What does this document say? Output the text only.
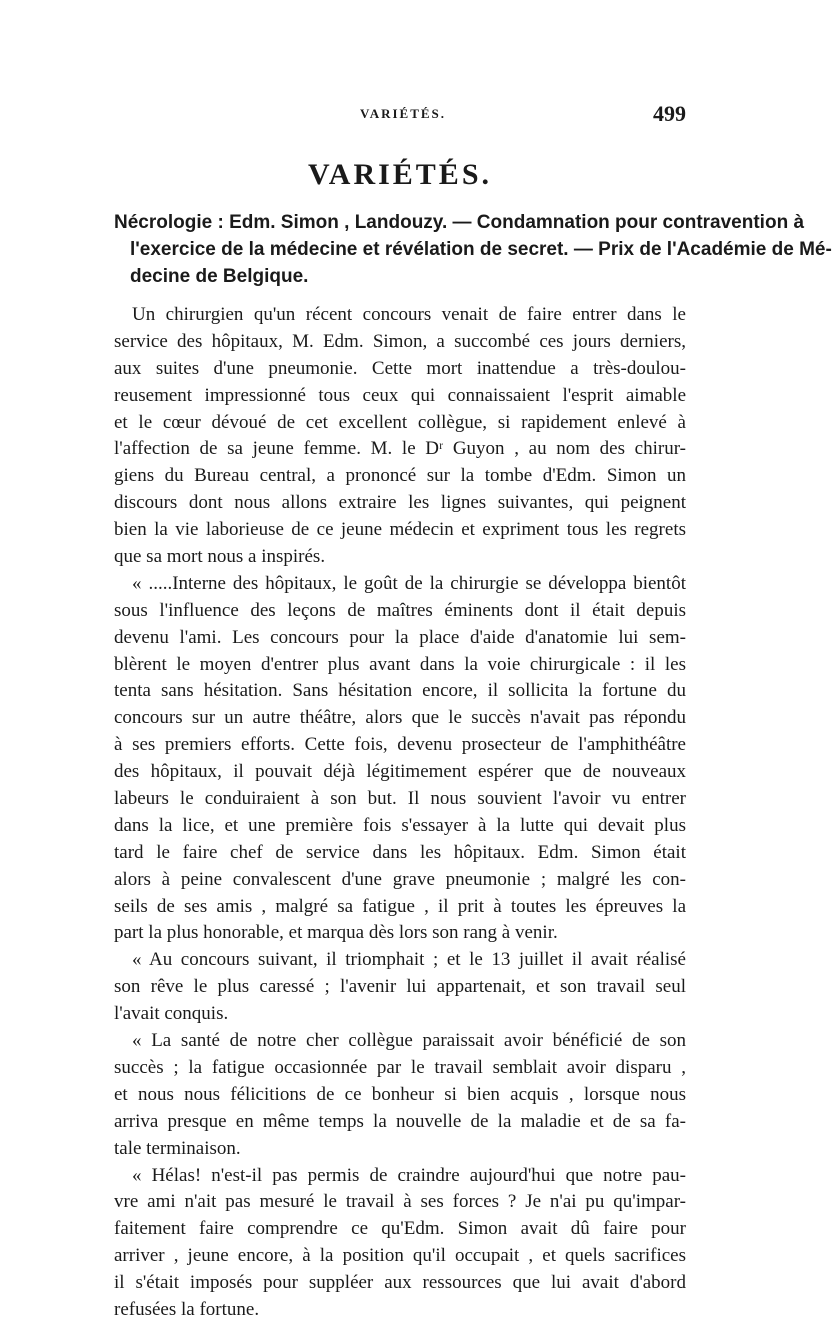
VARIÉTÉS.	499
VARIÉTÉS.
Nécrologie : Edm. Simon , Landouzy. — Condamnation pour contravention à
l'exercice de la médecine et révélation de secret. — Prix de l'Académie de Mé-
decine de Belgique.
Un chirurgien qu'un récent concours venait de faire entrer dans le
service des hôpitaux, M. Edm. Simon, a succombé ces jours derniers,
aux suites d'une pneumonie. Cette mort inattendue a très-doulou-
reusement impressionné tous ceux qui connaissaient l'esprit aimable
et le cœur dévoué de cet excellent collègue, si rapidement enlevé à
l'affection de sa jeune femme. M. le Dʳ Guyon , au nom des chirur-
giens du Bureau central, a prononcé sur la tombe d'Edm. Simon un
discours dont nous allons extraire les lignes suivantes, qui peignent
bien la vie laborieuse de ce jeune médecin et expriment tous les regrets
que sa mort nous a inspirés.
« .....Interne des hôpitaux, le goût de la chirurgie se développa bientôt
sous l'influence des leçons de maîtres éminents dont il était depuis
devenu l'ami. Les concours pour la place d'aide d'anatomie lui sem-
blèrent le moyen d'entrer plus avant dans la voie chirurgicale : il les
tenta sans hésitation. Sans hésitation encore, il sollicita la fortune du
concours sur un autre théâtre, alors que le succès n'avait pas répondu
à ses premiers efforts. Cette fois, devenu prosecteur de l'amphithéâtre
des hôpitaux, il pouvait déjà légitimement espérer que de nouveaux
labeurs le conduiraient à son but. Il nous souvient l'avoir vu entrer
dans la lice, et une première fois s'essayer à la lutte qui devait plus
tard le faire chef de service dans les hôpitaux. Edm. Simon était
alors à peine convalescent d'une grave pneumonie ; malgré les con-
seils de ses amis , malgré sa fatigue , il prit à toutes les épreuves la
part la plus honorable, et marqua dès lors son rang à venir.
« Au concours suivant, il triomphait ; et le 13 juillet il avait réalisé
son rêve le plus caressé ; l'avenir lui appartenait, et son travail seul
l'avait conquis.
« La santé de notre cher collègue paraissait avoir bénéficié de son
succès ; la fatigue occasionnée par le travail semblait avoir disparu ,
et nous nous félicitions de ce bonheur si bien acquis , lorsque nous
arriva presque en même temps la nouvelle de la maladie et de sa fa-
tale terminaison.
« Hélas! n'est-il pas permis de craindre aujourd'hui que notre pau-
vre ami n'ait pas mesuré le travail à ses forces ? Je n'ai pu qu'impar-
faitement faire comprendre ce qu'Edm. Simon avait dû faire pour
arriver , jeune encore, à la position qu'il occupait , et quels sacrifices
il s'était imposés pour suppléer aux ressources que lui avait d'abord
refusées la fortune.
